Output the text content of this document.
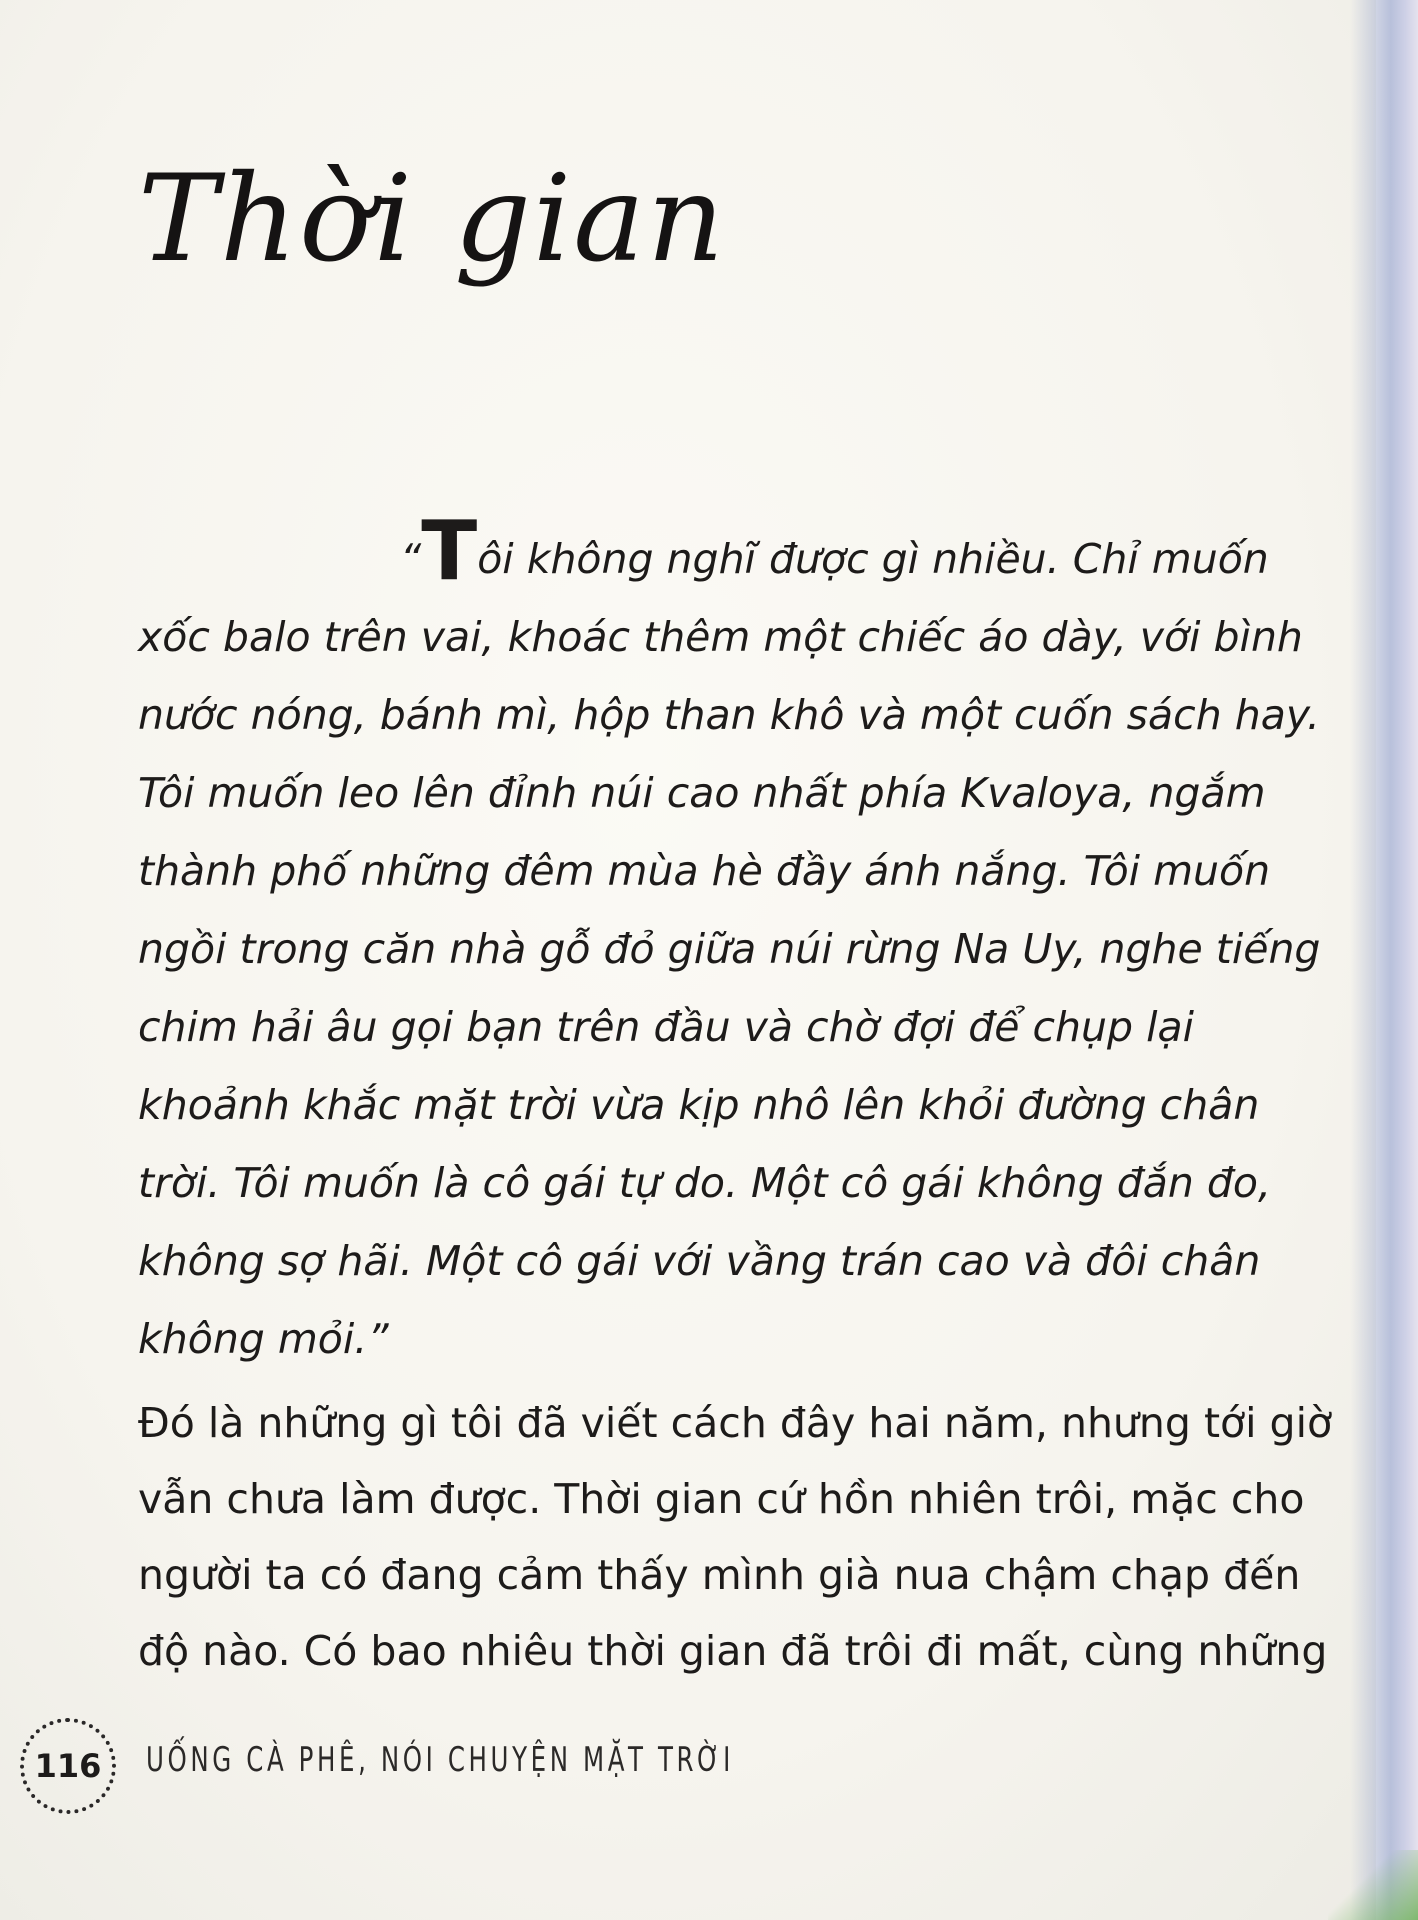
Thời gian

“Tôi không nghĩ được gì nhiều. Chỉ muốn xốc balo trên vai, khoác thêm một chiếc áo dày, với bình nước nóng, bánh mì, hộp than khô và một cuốn sách hay. Tôi muốn leo lên đỉnh núi cao nhất phía Kvaloya, ngắm thành phố những đêm mùa hè đầy ánh nắng. Tôi muốn ngồi trong căn nhà gỗ đỏ giữa núi rừng Na Uy, nghe tiếng chim hải âu gọi bạn trên đầu và chờ đợi để chụp lại khoảnh khắc mặt trời vừa kịp nhô lên khỏi đường chân trời. Tôi muốn là cô gái tự do. Một cô gái không đắn đo, không sợ hãi. Một cô gái với vầng trán cao và đôi chân không mỏi.”

Đó là những gì tôi đã viết cách đây hai năm, nhưng tới giờ vẫn chưa làm được. Thời gian cứ hồn nhiên trôi, mặc cho người ta có đang cảm thấy mình già nua chậm chạp đến độ nào. Có bao nhiêu thời gian đã trôi đi mất, cùng những

116 UỐNG CÀ PHÊ, NÓI CHUYỆN MẶT TRỜI
